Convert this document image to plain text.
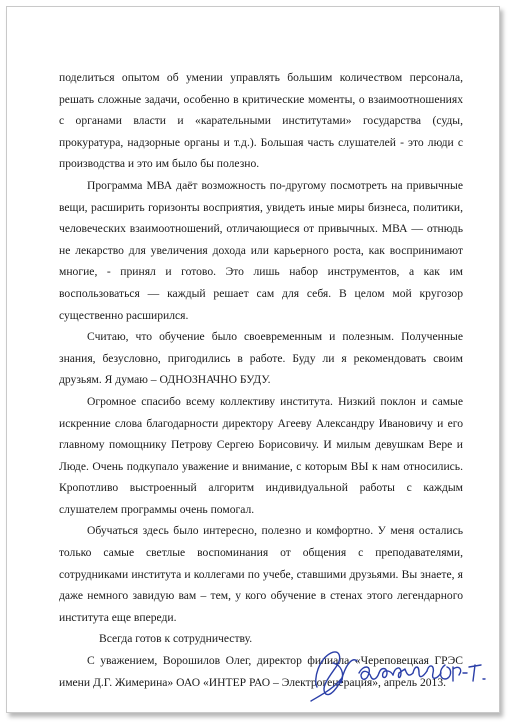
поделиться опытом об умении управлять большим количеством персонала, решать сложные задачи, особенно в критические моменты, о взаимоотношениях с органами власти и «карательными институтами» государства (суды, прокуратура, надзорные органы и т.д.). Большая часть слушателей - это люди с производства и это им было бы полезно.

Программа МВА даёт возможность по-другому посмотреть на привычные вещи, расширить горизонты восприятия, увидеть иные миры бизнеса, политики, человеческих взаимоотношений, отличающиеся от привычных. МВА — отнюдь не лекарство для увеличения дохода или карьерного роста, как воспринимают многие, - принял и готово. Это лишь набор инструментов, а как им воспользоваться — каждый решает сам для себя. В целом мой кругозор существенно расширился.

Считаю, что обучение было своевременным и полезным. Полученные знания, безусловно, пригодились в работе. Буду ли я рекомендовать своим друзьям. Я думаю – ОДНОЗНАЧНО БУДУ.

Огромное спасибо всему коллективу института. Низкий поклон и самые искренние слова благодарности директору Агееву Александру Ивановичу и его главному помощнику Петрову Сергею Борисовичу. И милым девушкам Вере и Люде. Очень подкупало уважение и внимание, с которым ВЫ к нам относились. Кропотливо выстроенный алгоритм индивидуальной работы с каждым слушателем программы очень помогал.

Обучаться здесь было интересно, полезно и комфортно. У меня остались только самые светлые воспоминания от общения с преподавателями, сотрудниками института и коллегами по учебе, ставшими друзьями. Вы знаете, я даже немного завидую вам – тем, у кого обучение в стенах этого легендарного института еще впереди.

Всегда готов к сотрудничеству.

С уважением, Ворошилов Олег, директор филиала «Череповецкая ГРЭС имени Д.Г. Жимерина» ОАО «ИНТЕР РАО – Электрогенерация», апрель 2013.
